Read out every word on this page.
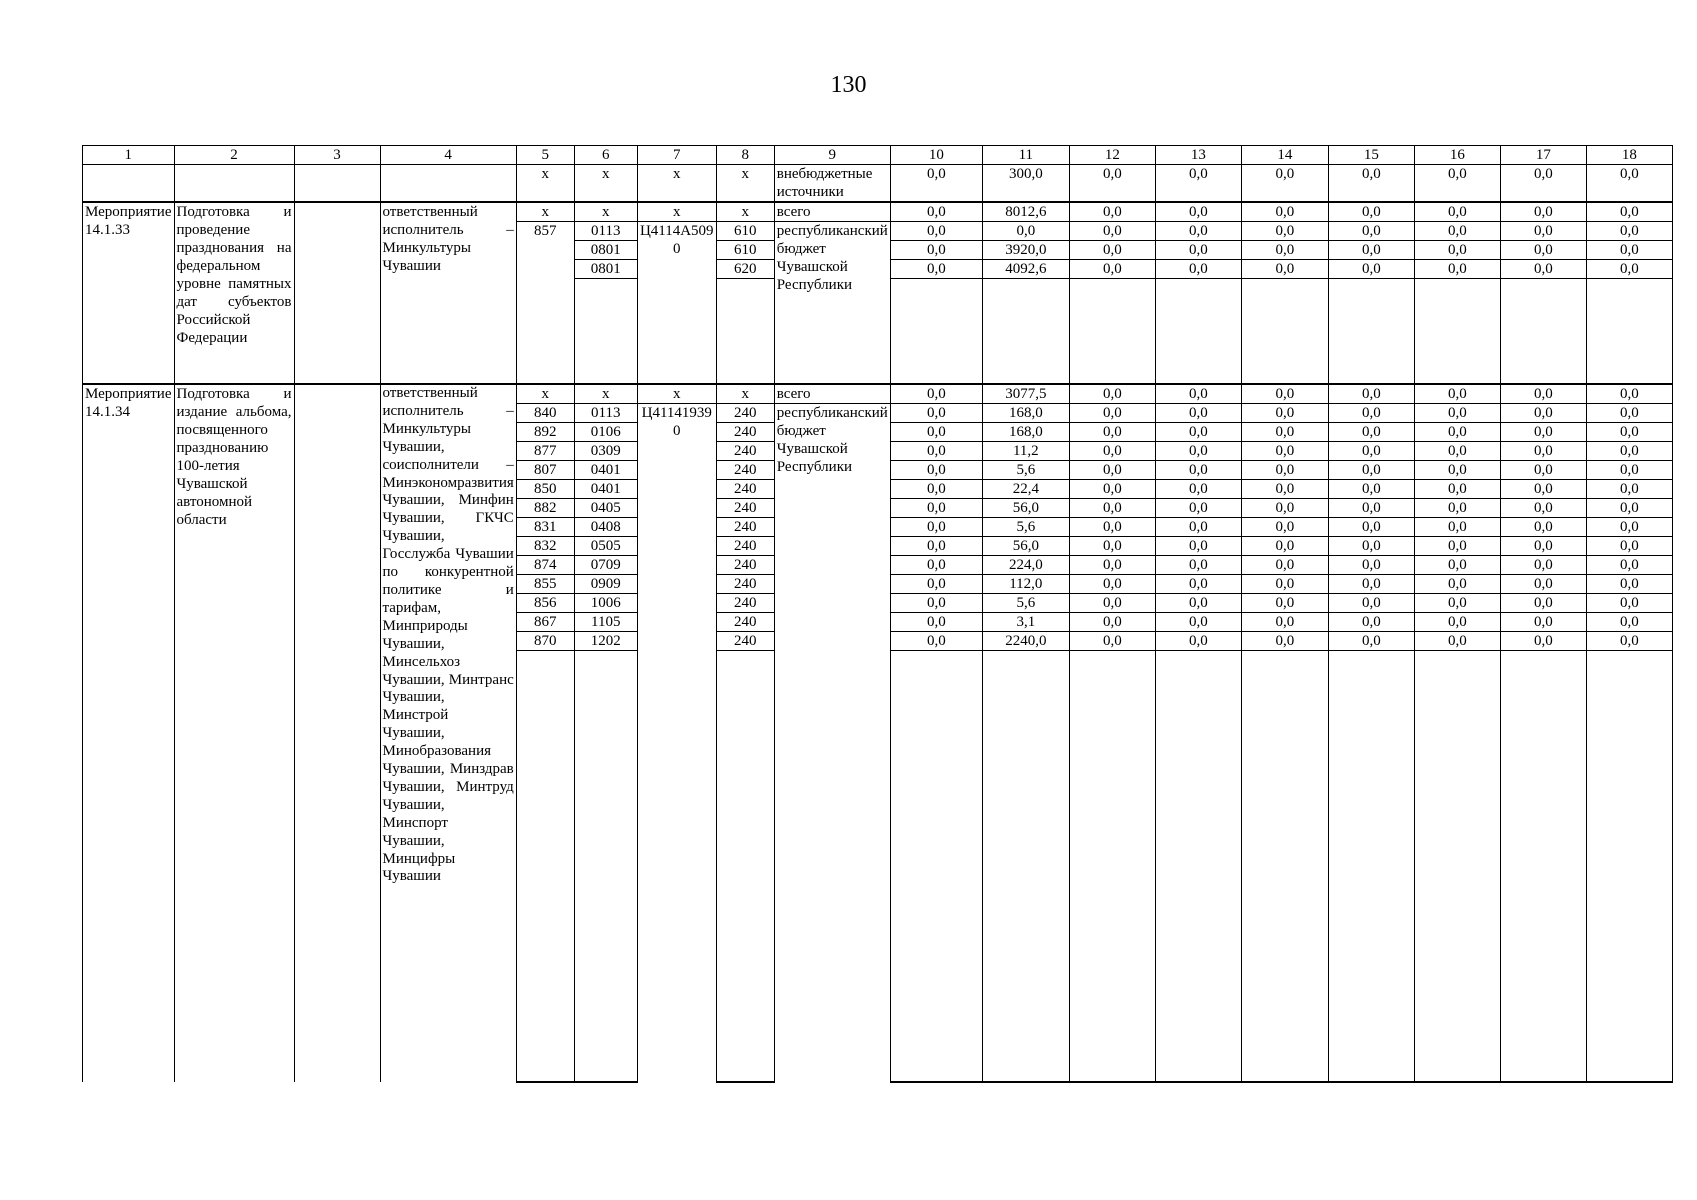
130
1	2	3	4	5	6	7	8	9	10	11	12	13	14	15	16	17	18
				x	x	x	x	внебюджетные источники	0,0	300,0	0,0	0,0	0,0	0,0	0,0	0,0	0,0
Мероприятие 14.1.33	Подготовка и проведение празднования на федеральном уровне памятных дат субъектов Российской Федерации		ответственный исполнитель – Минкультуры Чувашии	x	x	x	x	всего	0,0	8012,6	0,0	0,0	0,0	0,0	0,0	0,0	0,0
				857	0113	Ц4114А5090	610	республиканский бюджет Чувашской Республики	0,0	0,0	0,0	0,0	0,0	0,0	0,0	0,0	0,0
					0801		610		0,0	3920,0	0,0	0,0	0,0	0,0	0,0	0,0	0,0
					0801		620		0,0	4092,6	0,0	0,0	0,0	0,0	0,0	0,0	0,0

Мероприятие 14.1.34	Подготовка и издание альбома, посвященного празднованию 100-летия Чувашской автономной области		ответственный исполнитель – Минкультуры Чувашии, соисполнители – Минэкономразвития Чувашии, Минфин Чувашии, ГКЧС Чувашии, Госслужба Чувашии по конкурентной политике и тарифам, Минприроды Чувашии, Минсельхоз Чувашии, Минтранс Чувашии, Минстрой Чувашии, Минобразования Чувашии, Минздрав Чувашии, Минтруд Чувашии, Минспорт Чувашии, Минцифры Чувашии	x	x	x	x	всего	0,0	3077,5	0,0	0,0	0,0	0,0	0,0	0,0	0,0
				840	0113	Ц411419390	240	республиканский бюджет Чувашской Республики	0,0	168,0	0,0	0,0	0,0	0,0	0,0	0,0	0,0
				892	0106		240		0,0	168,0	0,0	0,0	0,0	0,0	0,0	0,0	0,0
				877	0309		240		0,0	11,2	0,0	0,0	0,0	0,0	0,0	0,0	0,0
				807	0401		240		0,0	5,6	0,0	0,0	0,0	0,0	0,0	0,0	0,0
				850	0401		240		0,0	22,4	0,0	0,0	0,0	0,0	0,0	0,0	0,0
				882	0405		240		0,0	56,0	0,0	0,0	0,0	0,0	0,0	0,0	0,0
				831	0408		240		0,0	5,6	0,0	0,0	0,0	0,0	0,0	0,0	0,0
				832	0505		240		0,0	56,0	0,0	0,0	0,0	0,0	0,0	0,0	0,0
				874	0709		240		0,0	224,0	0,0	0,0	0,0	0,0	0,0	0,0	0,0
				855	0909		240		0,0	112,0	0,0	0,0	0,0	0,0	0,0	0,0	0,0
				856	1006		240		0,0	5,6	0,0	0,0	0,0	0,0	0,0	0,0	0,0
				867	1105		240		0,0	3,1	0,0	0,0	0,0	0,0	0,0	0,0	0,0
				870	1202		240		0,0	2240,0	0,0	0,0	0,0	0,0	0,0	0,0	0,0
